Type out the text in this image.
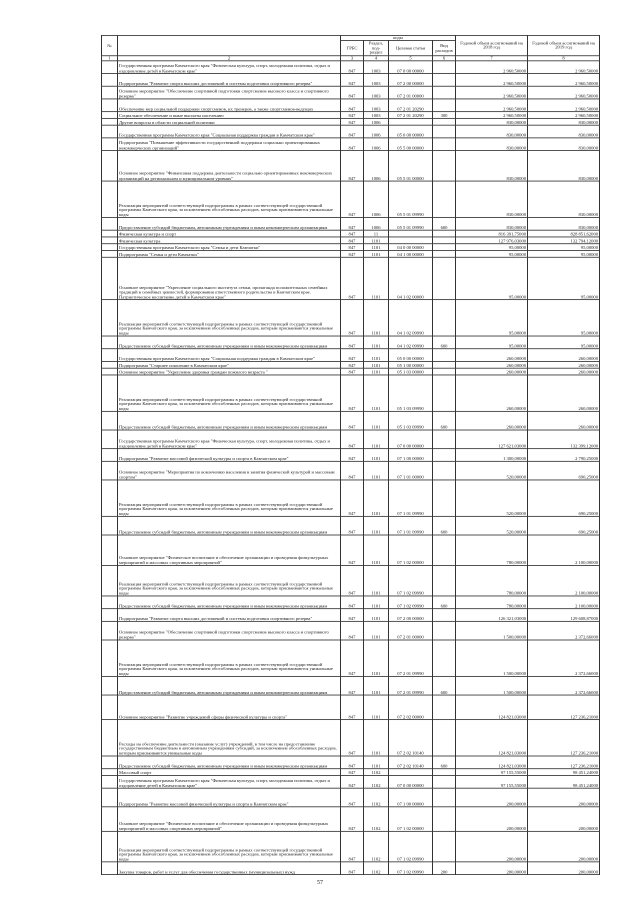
№		коды				Годовой объем ассигнований на 2018 год	Годовой объем ассигнований на 2019 год
		ГРБС	Раздел, под- раздел	Целевая статья	Вид расходов		
1	2	3	4	5	6	7	8
	Государственная программа Камчатского края "Физическая культура, спорт, молодежная политика, отдых и оздоровление детей в Камчатском крае"	847	1003	07 0 00 00000		2 960,50000	2 960,50000
	Подпрограмма "Развитие спорта высших достижений и системы подготовки спортивного резерва"	847	1003	07 2 00 00000		2 960,50000	2 960,50000
	Основное мероприятие "Обеспечение спортивной подготовки спортсменов высокого класса и спортивного резерва"	847	1003	07 2 01 00000		2 960,50000	2 960,50000
	Обеспечение мер социальной поддержки спортсменов, их тренеров, а также спортсменов-ведущих	847	1003	07 2 01 20290		2 960,50000	2 960,50000
	Социальное обеспечение и иные выплаты населению	847	1003	07 2 01 20290	300	2 960,50000	2 960,50000
	Другие вопросы в области социальной политики	847	1006			830,00000	830,00000
	Государственная программа Камчатского края "Социальная поддержка граждан в Камчатском крае"	847	1006	05 0 00 00000		830,00000	830,00000
	Подпрограмма "Повышение эффективности государственной поддержки социально ориентированных некоммерческих организаций"	847	1006	05 5 00 00000		830,00000	830,00000
	Основное мероприятие "Финансовая поддержка деятельности социально ориентированных некоммерческих организаций на региональном и муниципальном уровнях"	847	1006	05 5 01 00000		830,00000	830,00000
	Реализация мероприятий соответствующей подпрограммы в рамках соответствующей государственной программы Камчатского края, за исключением обособленных расходов, которым присваиваются уникальные коды	847	1006	05 5 01 09990		830,00000	830,00000
	Предоставление субсидий бюджетным, автономным учреждениям и иным некоммерческим организациям	847	1006	05 5 01 09990	600	830,00000	830,00000
	Физическая культура и спорт	847	11			816 391,75000	828 851,62000
	Физическая культура	847	1101			127 976,03000	132 794,12000
	Государственная программа Камчатского края "Семья и дети Камчатки"	847	1101	04 0 00 00000		95,00000	95,00000
	Подпрограмма "Семья и дети Камчатки"	847	1101	04 1 00 00000		95,00000	95,00000
	Основное мероприятие "Укрепление социального института семьи, пропаганда положительных семейных традиций в семейных ценностей, формирования ответственного родительства в Камчатском крае. Патриотическое воспитание детей в Камчатском крае"	847	1101	04 1 02 00000		95,00000	95,00000
	Реализация мероприятий соответствующей подпрограммы в рамках соответствующей государственной программы Камчатского края, за исключением обособленных расходов, которым присваиваются уникальные коды	847	1101	04 1 02 09990		95,00000	95,00000
	Предоставление субсидий бюджетным, автономным учреждениям и иным некоммерческим организациям	847	1101	04 1 02 09990	600	95,00000	95,00000
	Государственная программа Камчатского края "Социальная поддержка граждан в Камчатском крае"	847	1101	05 0 00 00000		260,00000	260,00000
	Подпрограмма "Старшее поколение в Камчатском крае"	847	1101	05 1 00 00000		260,00000	260,00000
	Основное мероприятие "Укрепление здоровья граждан пожилого возраста "	847	1101	05 1 03 00000		260,00000	260,00000
	Реализация мероприятий соответствующей подпрограммы в рамках соответствующей государственной программы Камчатского края, за исключением обособленных расходов, которым присваиваются уникальные коды	847	1101	05 1 03 09990		260,00000	260,00000
	Предоставление субсидий бюджетным, автономным учреждениям и иным некоммерческим организациям	847	1101	05 1 03 09990	600	260,00000	260,00000
	Государственная программа Камчатского края "Физическая культура, спорт, молодежная политика, отдых и оздоровление детей в Камчатском крае"	847	1101	07 0 00 00000		127 621,03000	132 399,12000
	Подпрограмма "Развитие массовой физической культуры и спорта в Камчатском крае"	847	1101	07 1 00 00000		1 300,00000	2 790,25000
	Основное мероприятие "Мероприятия по вовлечению населения в занятия физической культурой и массовым спортом"	847	1101	07 1 01 00000		520,00000	690,25000
	Реализация мероприятий соответствующей подпрограммы в рамках соответствующей государственной программы Камчатского края, за исключением обособленных расходов, которым присваиваются уникальные коды	847	1101	07 1 01 09990		520,00000	690,25000
	Предоставление субсидий бюджетным, автономным учреждениям и иным некоммерческим организациям	847	1101	07 1 01 09990	600	520,00000	690,25000
	Основное мероприятие "Физическое воспитание и обеспечение организации и проведения физкультурных мероприятий и массовых спортивных мероприятий"	847	1101	07 1 02 00000		780,00000	2 100,00000
	Реализация мероприятий соответствующей подпрограммы в рамках соответствующей государственной программы Камчатского края, за исключением обособленных расходов, которым присваиваются уникальные коды	847	1101	07 1 02 09990		780,00000	2 100,00000
	Предоставление субсидий бюджетным, автономным учреждениям и иным некоммерческим организациям	847	1101	07 1 02 09990	600	780,00000	2 100,00000
	Подпрограмма "Развитие спорта высших достижений и системы подготовки спортивного резерва"	847	1101	07 2 00 00000		126 321,03000	129 608,87000
	Основное мероприятие "Обеспечение спортивной подготовки спортсменов высокого класса и спортивного резерва"	847	1101	07 2 01 00000		1 500,00000	2 372,66000
	Реализация мероприятий соответствующей подпрограммы в рамках соответствующей государственной программы Камчатского края, за исключением обособленных расходов, которым присваиваются уникальные коды	847	1101	07 2 01 09990		1 500,00000	2 372,66000
	Предоставление субсидий бюджетным, автономным учреждениям и иным некоммерческим организациям	847	1101	07 2 01 09990	600	1 500,00000	2 372,66000
	Основное мероприятие "Развитие учреждений сферы физической культуры и спорта"	847	1101	07 2 02 00000		124 821,03000	127 236,21000
	Расходы на обеспечение деятельности (оказание услуг) учреждений, в том числе на предоставление государственным бюджетным и автономным учреждениям субсидий, за исключением обособленных расходов, которым присваиваются уникальные коды	847	1101	07 2 02 10140		124 821,03000	127 236,21000
	Предоставление субсидий бюджетным, автономным учреждениям и иным некоммерческим организациям	847	1101	07 2 02 10140	600	124 821,03000	127 236,21000
	Массовый спорт	847	1102			97 155,55000	98 451,24000
	Государственная программа Камчатского края "Физическая культура, спорт, молодежная политика, отдых и оздоровление детей в Камчатском крае"	847	1102	07 0 00 00000		97 155,55000	98 451,24000
	Подпрограмма "Развитие массовой физической культуры и спорта в Камчатском крае"	847	1102	07 1 00 00000		200,00000	200,00000
	Основное мероприятие "Физическое воспитание и обеспечение организации и проведения физкультурных мероприятий и массовых спортивных мероприятий"	847	1102	07 1 02 00000		200,00000	200,00000
	Реализация мероприятий соответствующей подпрограммы в рамках соответствующей государственной программы Камчатского края, за исключением обособленных расходов, которым присваиваются уникальные коды	847	1102	07 1 02 09990		200,00000	200,00000
	Закупка товаров, работ и услуг для обеспечения государственных (муниципальных) нужд	847	1102	07 1 02 09990	200	200,00000	200,00000
57
